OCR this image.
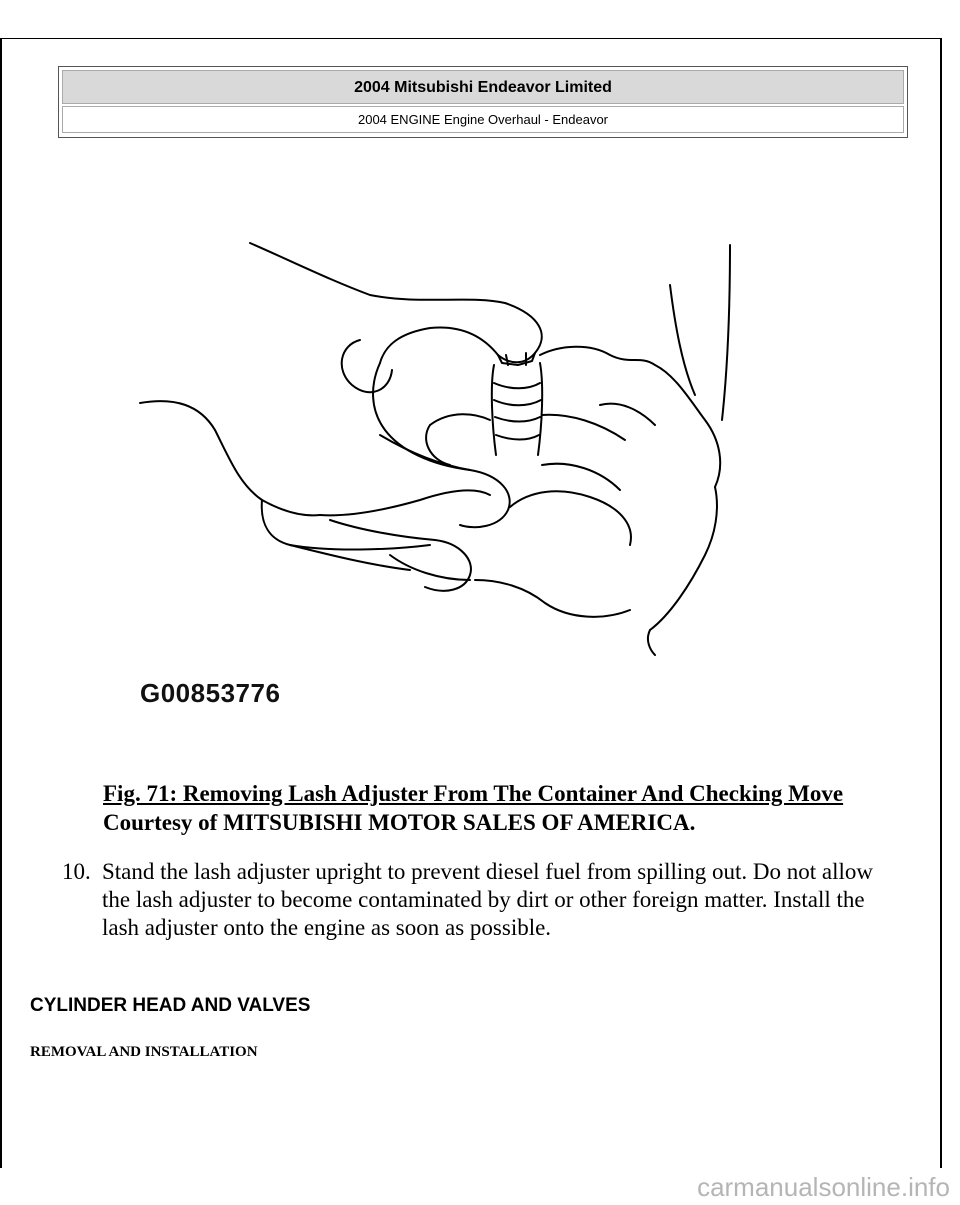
2004 Mitsubishi Endeavor Limited
2004 ENGINE Engine Overhaul - Endeavor
G00853776
Fig. 71: Removing Lash Adjuster From The Container And Checking Move
Courtesy of MITSUBISHI MOTOR SALES OF AMERICA.
10. Stand the lash adjuster upright to prevent diesel fuel from spilling out. Do not allow the lash adjuster to become contaminated by dirt or other foreign matter. Install the lash adjuster onto the engine as soon as possible.
CYLINDER HEAD AND VALVES
REMOVAL AND INSTALLATION
carmanualsonline.info
